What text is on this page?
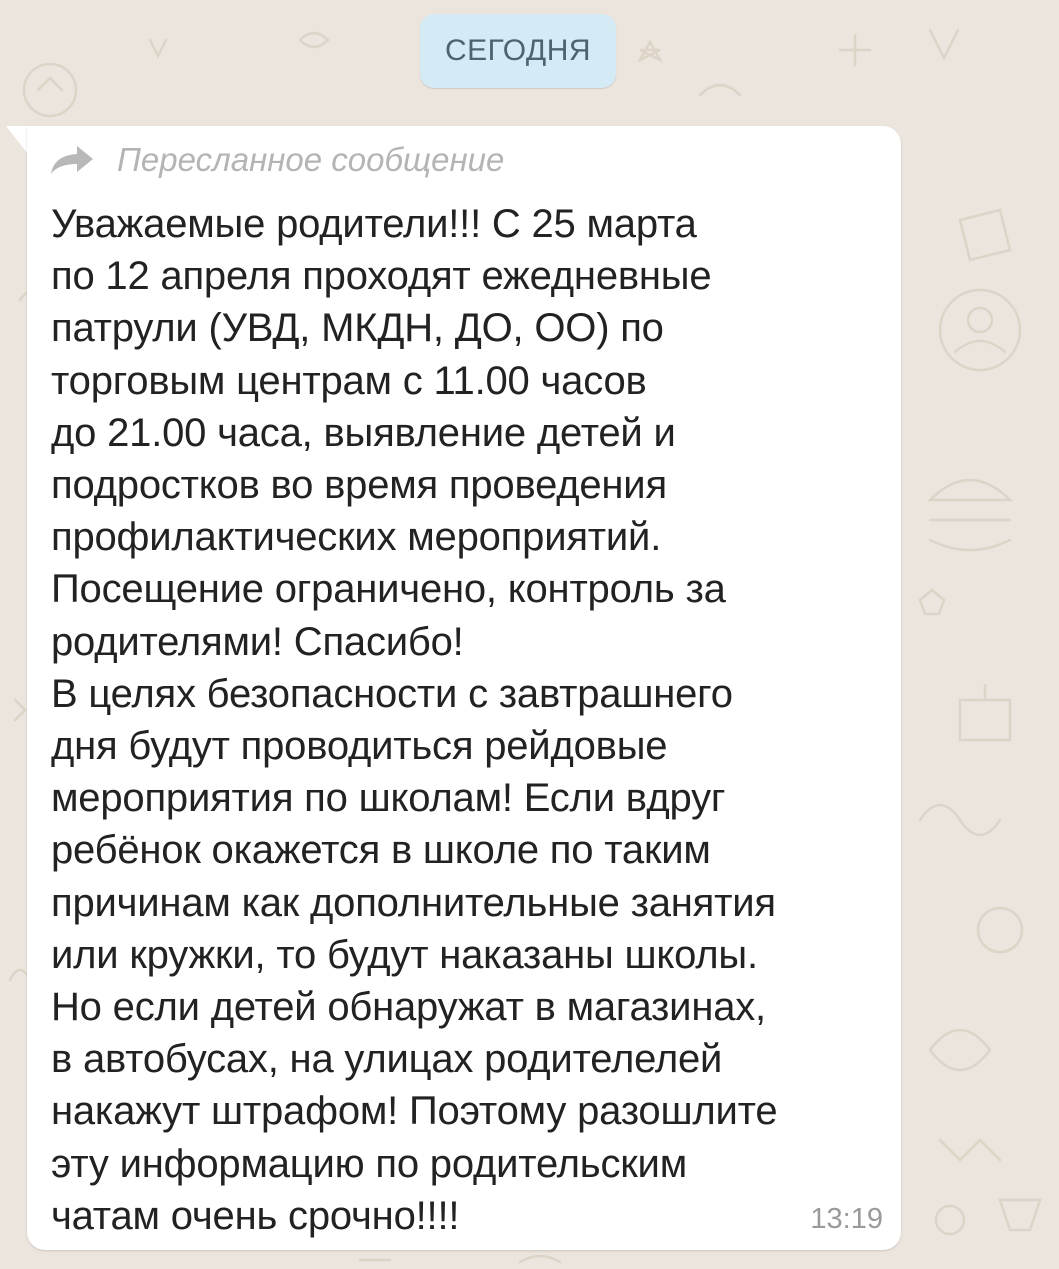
СЕГОДНЯ
Пересланное сообщение
Уважаемые родители!!! С 25 марта
по 12 апреля проходят ежедневные
патрули (УВД, МКДН, ДО, ОО) по
торговым центрам с 11.00 часов
до 21.00 часа, выявление детей и
подростков во время проведения
профилактических мероприятий.
Посещение ограничено, контроль за
родителями! Спасибо!
В целях безопасности с завтрашнего
дня будут проводиться рейдовые
мероприятия по школам! Если вдруг
ребёнок окажется в школе по таким
причинам как дополнительные занятия
или кружки, то будут наказаны школы.
Но если детей обнаружат в магазинах,
в автобусах, на улицах родителелей
накажут штрафом! Поэтому разошлите
эту информацию по родительским
чатам очень срочно!!!!	13:19
